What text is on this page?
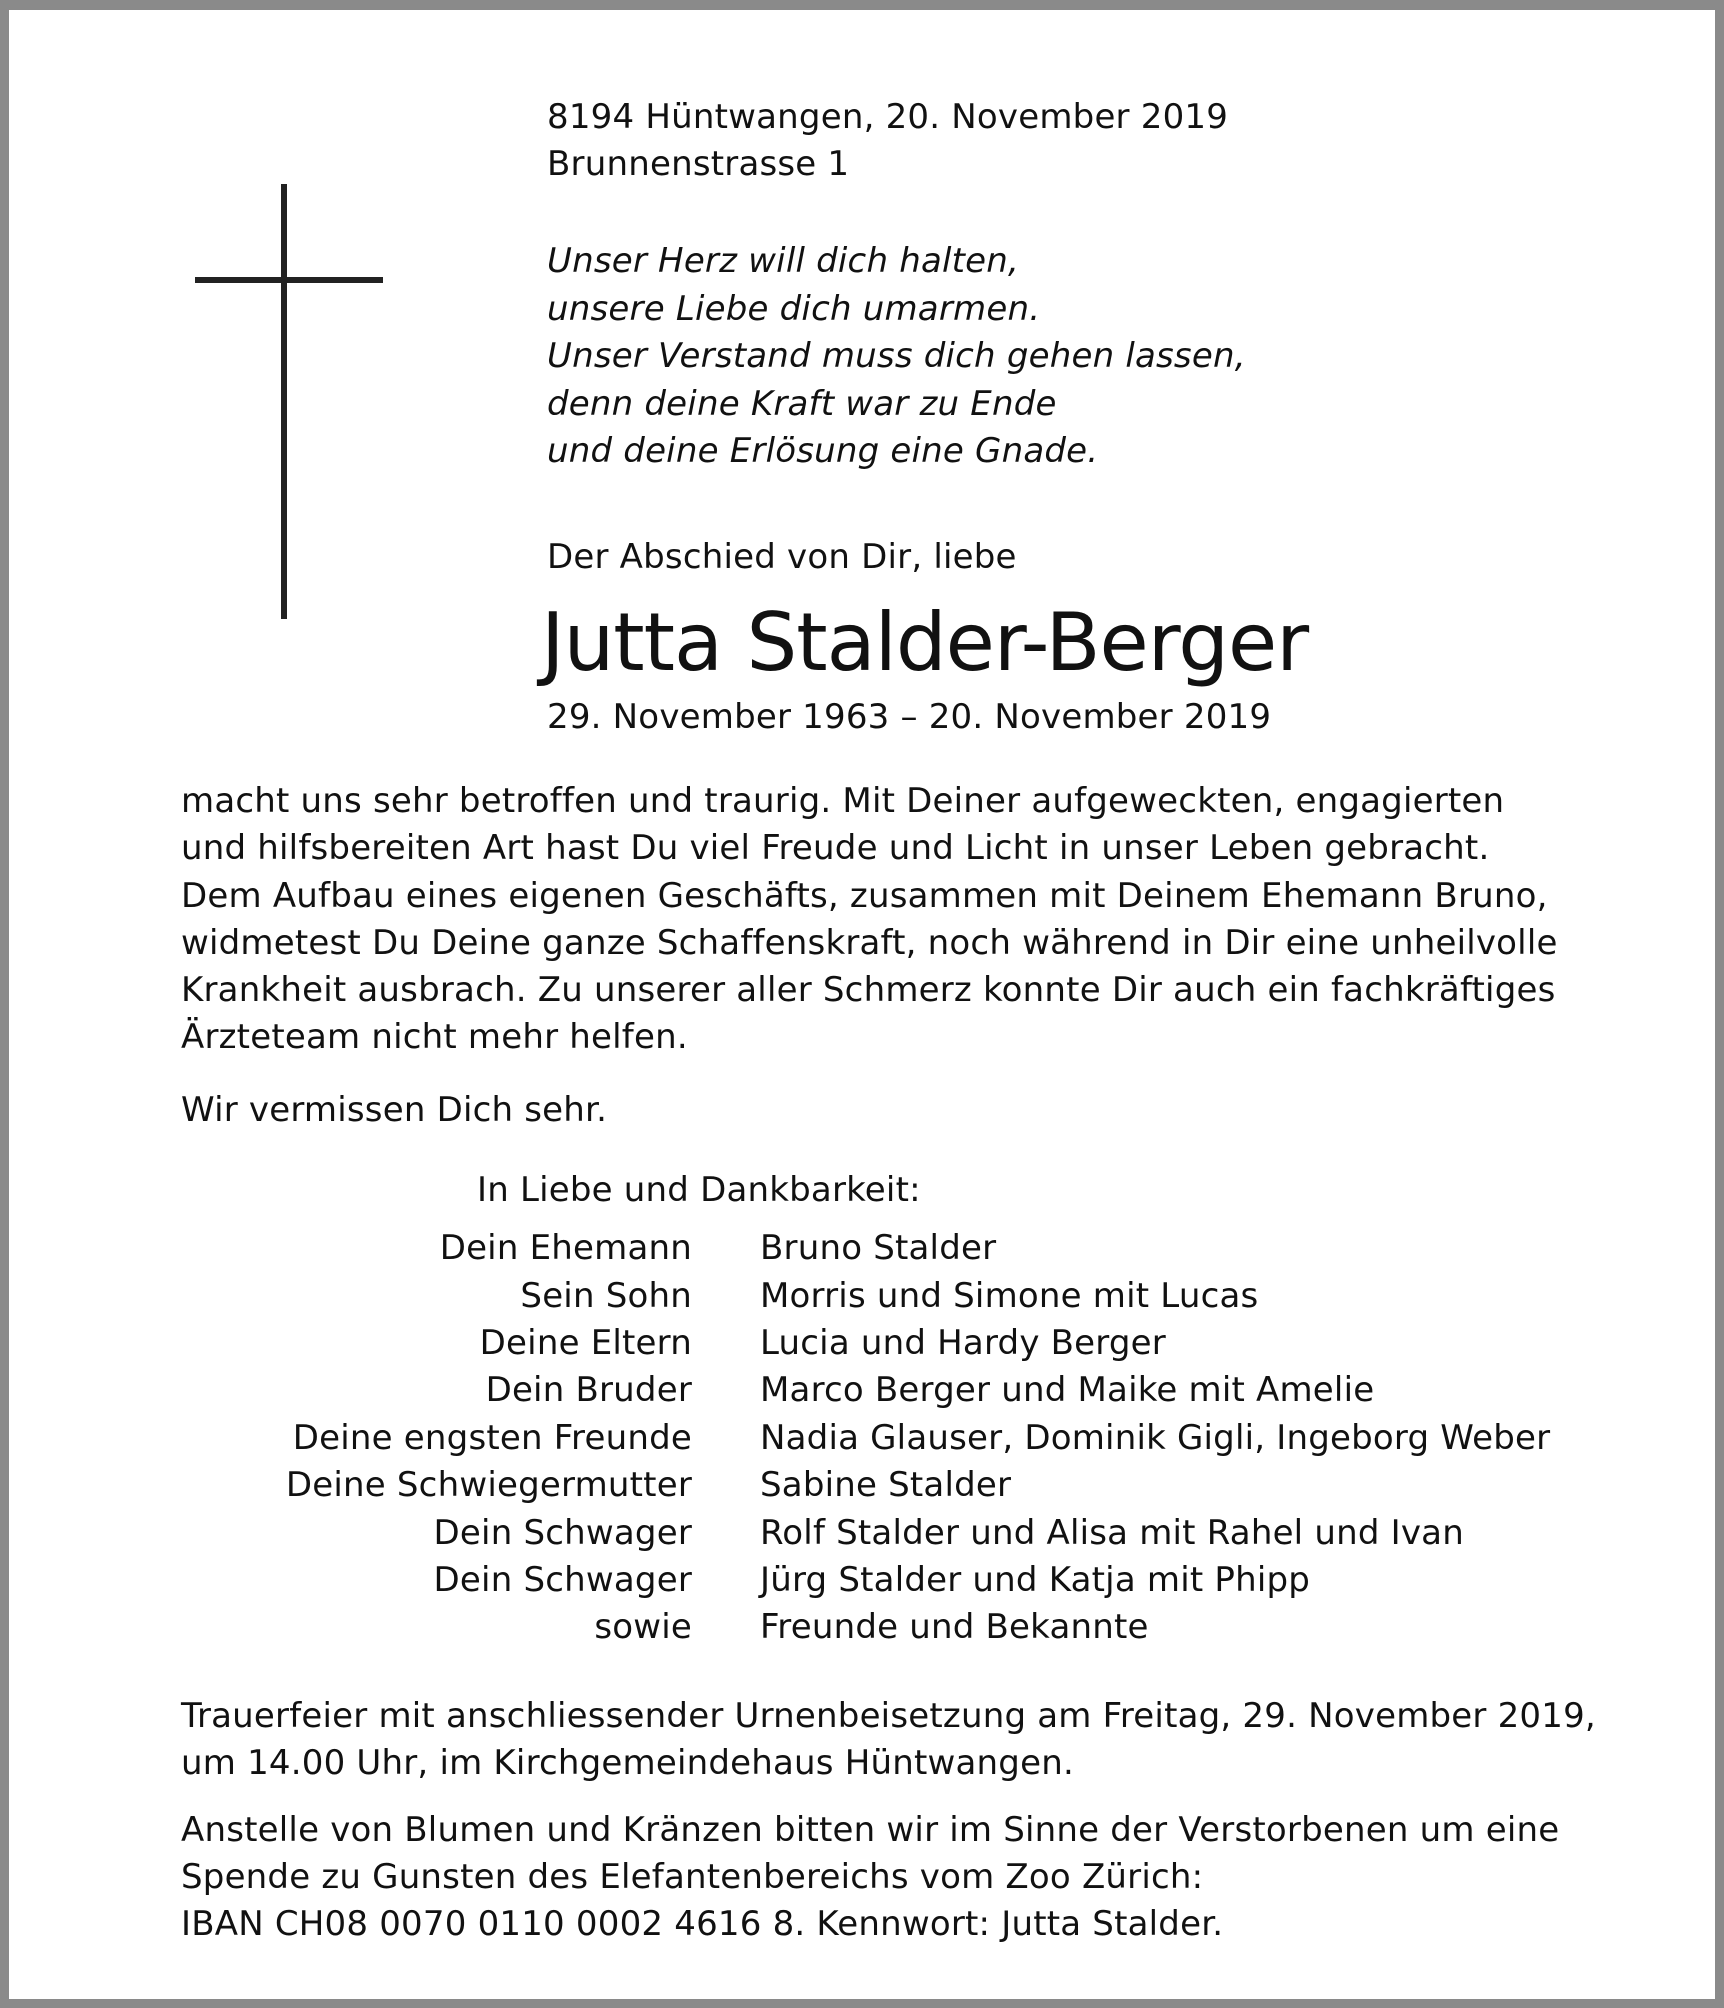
8194 Hüntwangen, 20. November 2019
Brunnenstrasse 1
Unser Herz will dich halten,
unsere Liebe dich umarmen.
Unser Verstand muss dich gehen lassen,
denn deine Kraft war zu Ende
und deine Erlösung eine Gnade.
Der Abschied von Dir, liebe
Jutta Stalder-Berger
29. November 1963 – 20. November 2019
macht uns sehr betroffen und traurig. Mit Deiner aufgeweckten, engagierten
und hilfsbereiten Art hast Du viel Freude und Licht in unser Leben gebracht.
Dem Aufbau eines eigenen Geschäfts, zusammen mit Deinem Ehemann Bruno,
widmetest Du Deine ganze Schaffenskraft, noch während in Dir eine unheilvolle
Krankheit ausbrach. Zu unserer aller Schmerz konnte Dir auch ein fachkräftiges
Ärzteteam nicht mehr helfen.
Wir vermissen Dich sehr.
In Liebe und Dankbarkeit:
Dein Ehemann Bruno Stalder
Sein Sohn Morris und Simone mit Lucas
Deine Eltern Lucia und Hardy Berger
Dein Bruder Marco Berger und Maike mit Amelie
Deine engsten Freunde Nadia Glauser, Dominik Gigli, Ingeborg Weber
Deine Schwiegermutter Sabine Stalder
Dein Schwager Rolf Stalder und Alisa mit Rahel und Ivan
Dein Schwager Jürg Stalder und Katja mit Phipp
sowie Freunde und Bekannte
Trauerfeier mit anschliessender Urnenbeisetzung am Freitag, 29. November 2019,
um 14.00 Uhr, im Kirchgemeindehaus Hüntwangen.
Anstelle von Blumen und Kränzen bitten wir im Sinne der Verstorbenen um eine
Spende zu Gunsten des Elefantenbereichs vom Zoo Zürich:
IBAN CH08 0070 0110 0002 4616 8. Kennwort: Jutta Stalder.
